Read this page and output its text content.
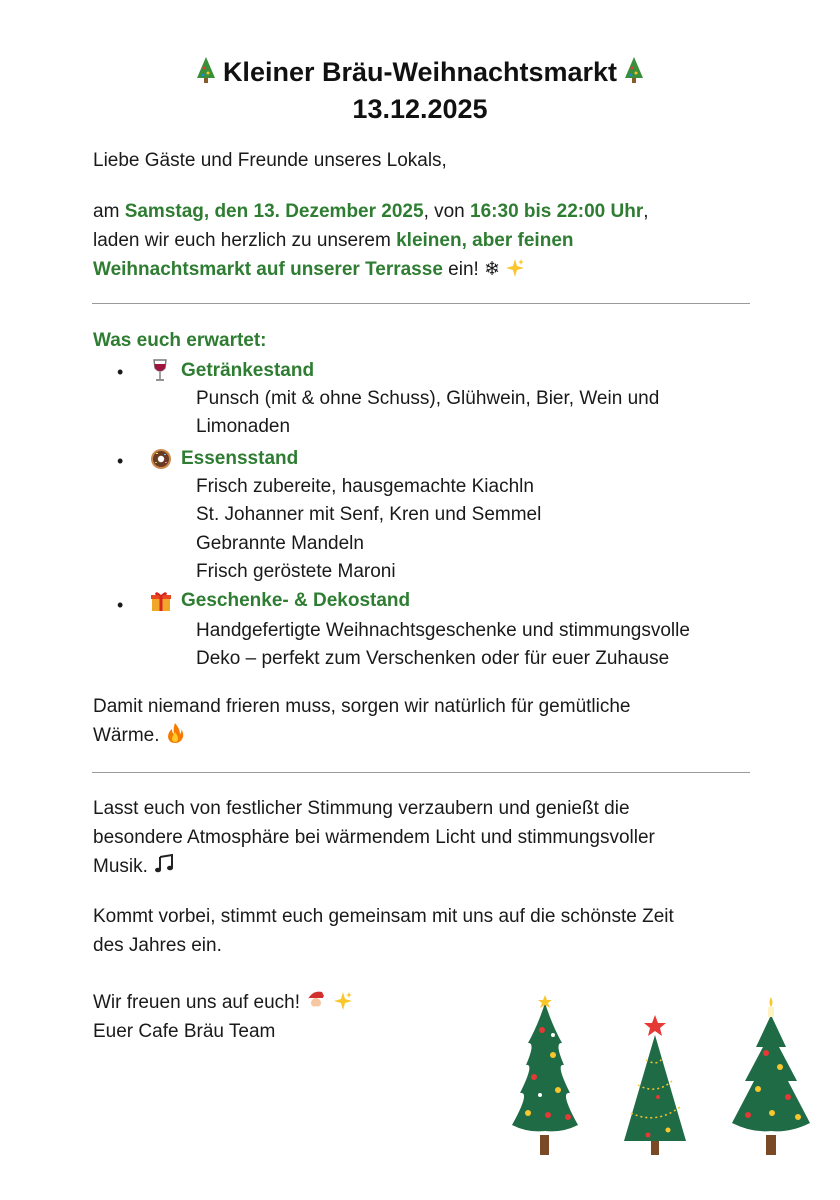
Kleiner Bräu-Weihnachtsmarkt
13.12.2025
Liebe Gäste und Freunde unseres Lokals,
am Samstag, den 13. Dezember 2025, von 16:30 bis 22:00 Uhr,
laden wir euch herzlich zu unserem kleinen, aber feinen
Weihnachtsmarkt auf unserer Terrasse ein! ❄
Was euch erwartet:
•	Getränkestand
Punsch (mit & ohne Schuss), Glühwein, Bier, Wein und
Limonaden
•	Essensstand
Frisch zubereite, hausgemachte Kiachln
St. Johanner mit Senf, Kren und Semmel
Gebrannte Mandeln
Frisch geröstete Maroni
•	Geschenke- & Dekostand
Handgefertigte Weihnachtsgeschenke und stimmungsvolle
Deko – perfekt zum Verschenken oder für euer Zuhause
Damit niemand frieren muss, sorgen wir natürlich für gemütliche
Wärme.
Lasst euch von festlicher Stimmung verzaubern und genießt die
besondere Atmosphäre bei wärmendem Licht und stimmungsvoller
Musik.
Kommt vorbei, stimmt euch gemeinsam mit uns auf die schönste Zeit
des Jahres ein.
Wir freuen uns auf euch!
Euer Cafe Bräu Team
